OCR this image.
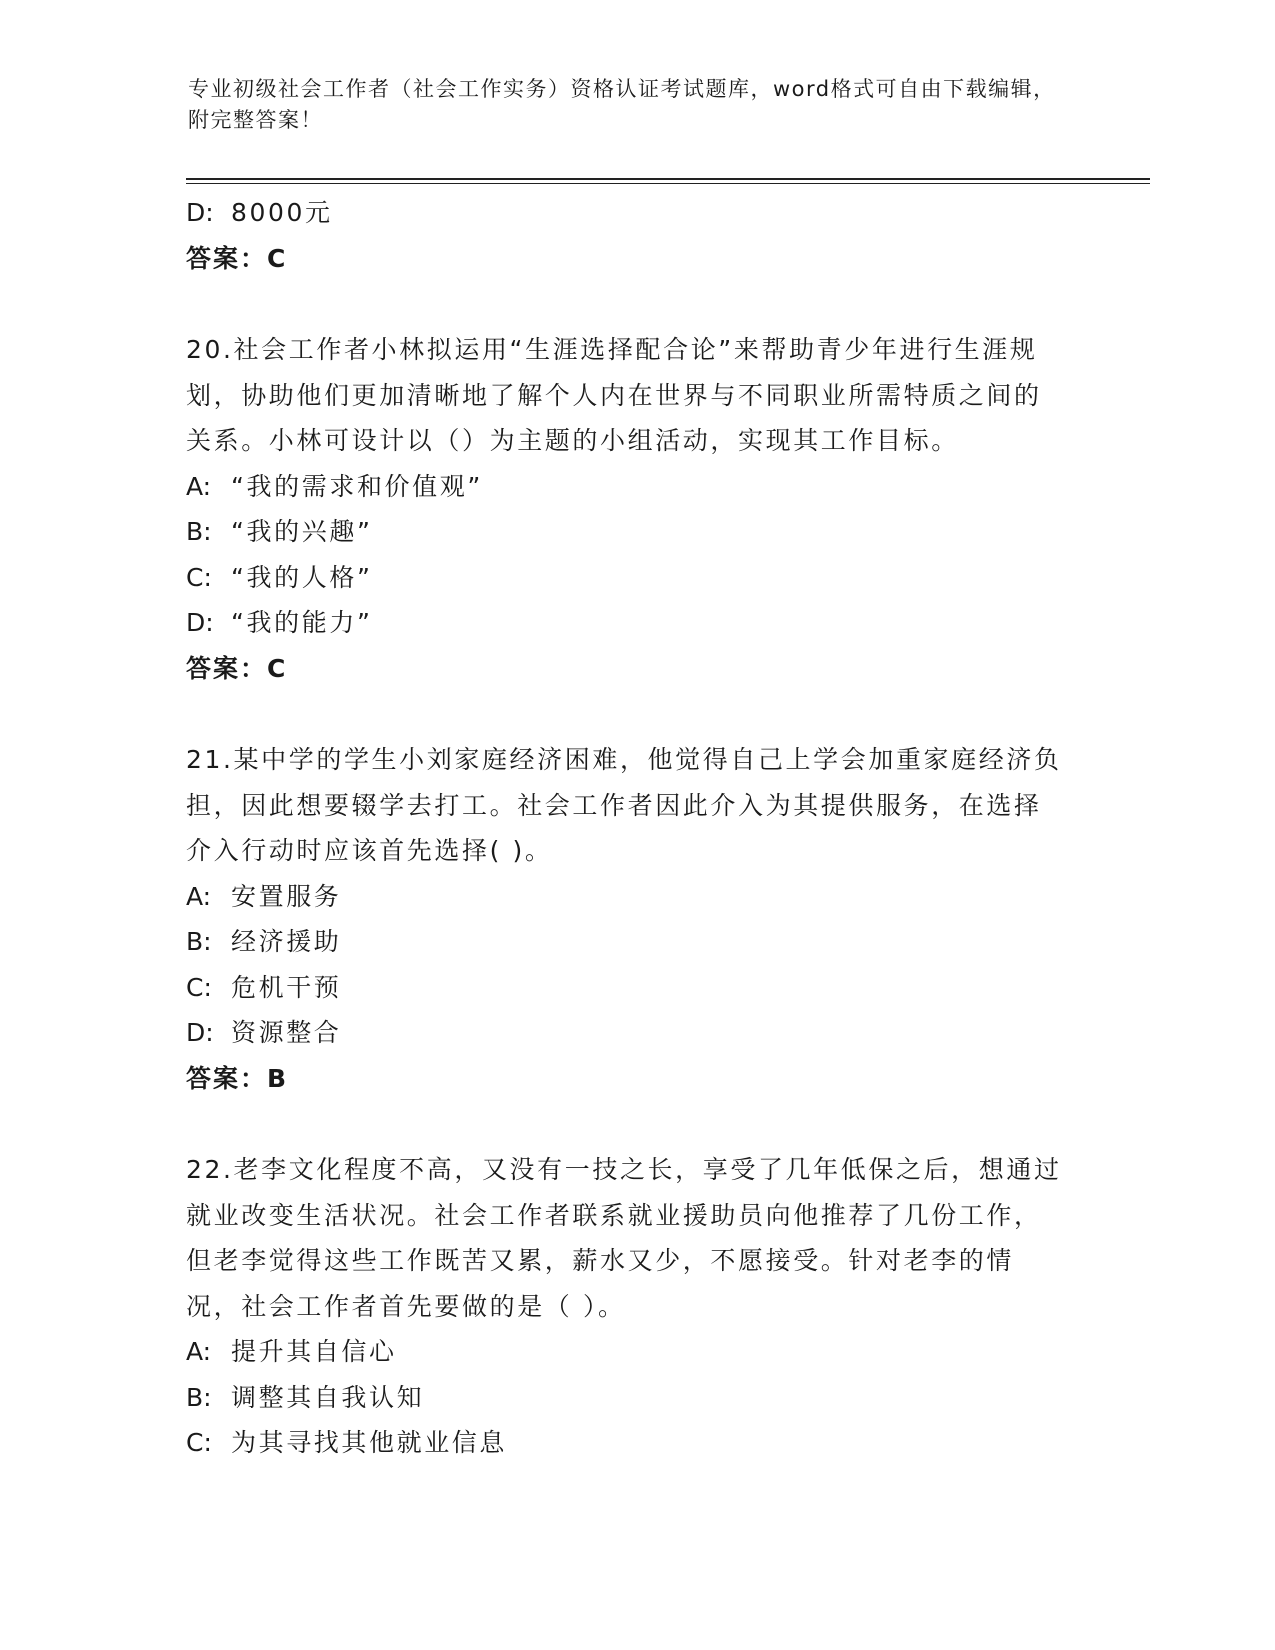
专业初级社会工作者（社会工作实务）资格认证考试题库，word格式可自由下载编辑，附完整答案！
D: 8000元
答案：C
20.社会工作者小林拟运用“生涯选择配合论”来帮助青少年进行生涯规划，协助他们更加清晰地了解个人内在世界与不同职业所需特质之间的关系。小林可设计以（）为主题的小组活动，实现其工作目标。
A: “我的需求和价值观”
B: “我的兴趣”
C: “我的人格”
D: “我的能力”
答案：C
21.某中学的学生小刘家庭经济困难，他觉得自己上学会加重家庭经济负担，因此想要辍学去打工。社会工作者因此介入为其提供服务，在选择介入行动时应该首先选择( )。
A: 安置服务
B: 经济援助
C: 危机干预
D: 资源整合
答案：B
22.老李文化程度不高，又没有一技之长，享受了几年低保之后，想通过就业改变生活状况。社会工作者联系就业援助员向他推荐了几份工作，但老李觉得这些工作既苦又累，薪水又少，不愿接受。针对老李的情况，社会工作者首先要做的是（ ）。
A: 提升其自信心
B: 调整其自我认知
C: 为其寻找其他就业信息
